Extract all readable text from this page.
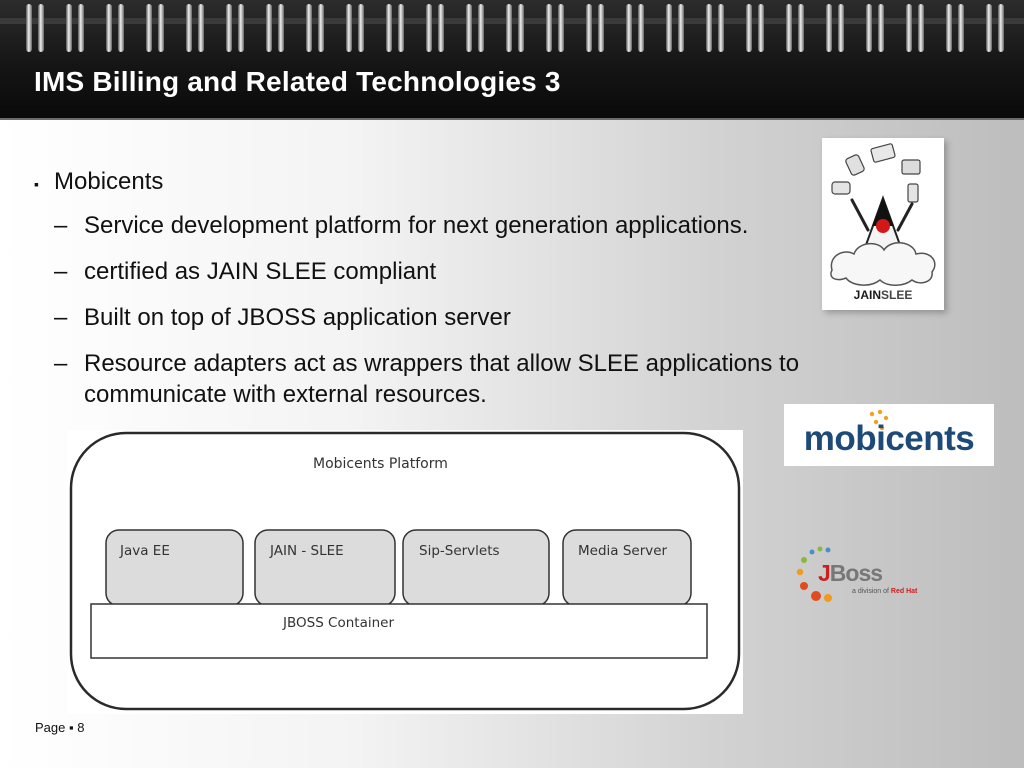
IMS Billing and Related Technologies 3
▪ Mobicents
– Service development platform for next generation applications.
– certified as JAIN SLEE compliant
– Built on top of JBOSS application server
– Resource adapters act as wrappers that allow SLEE applications to communicate with external resources.
Mobicents Platform
Java EE	JAIN - SLEE	Sip-Servlets	Media Server
JBOSS Container
JAINSLEE
mobicents
JBoss
a division of Red Hat
Page ▪ 8
